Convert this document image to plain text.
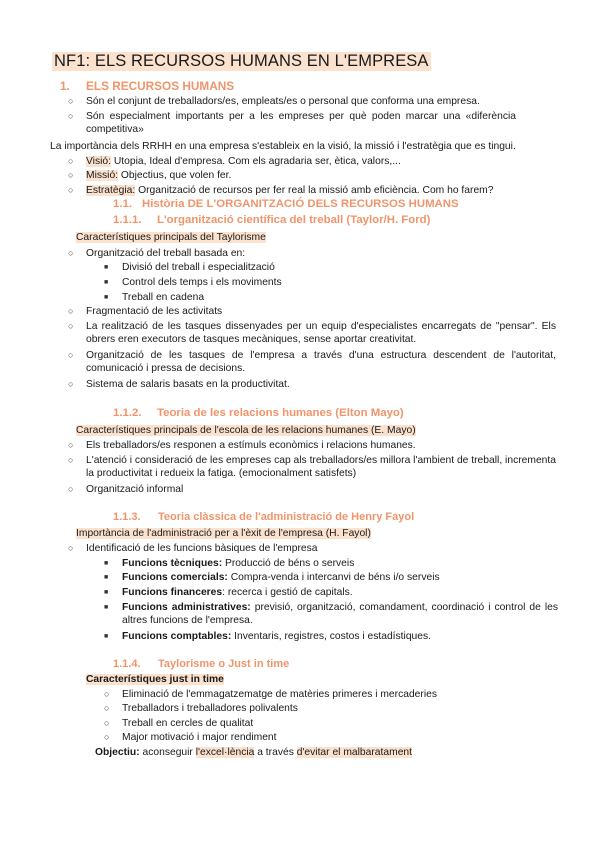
NF1: ELS RECURSOS HUMANS EN L'EMPRESA
1. ELS RECURSOS HUMANS
○ Són el conjunt de treballadors/es, empleats/es o personal que conforma una empresa.
○ Són especialment importants per a les empreses per què poden marcar una «diferència competitiva»
La importància dels RRHH en una empresa s'estableix en la visió, la missió i l'estratègia que es tingui.
○ Visió: Utopia, Ideal d'empresa. Com els agradaria ser, ètica, valors,...
○ Missió: Objectius, que volen fer.
○ Estratègia: Organització de recursos per fer real la missió amb eficiència. Com ho farem?
1.1. Història DE L'ORGANITZACIÓ DELS RECURSOS HUMANS
1.1.1. L'organització científica del treball (Taylor/H. Ford)
Característiques principals del Taylorisme
○ Organització del treball basada en:
■ Divisió del treball i especialització
■ Control dels temps i els moviments
■ Treball en cadena
○ Fragmentació de les activitats
○ La realització de les tasques dissenyades per un equip d'especialistes encarregats de "pensar". Els obrers eren executors de tasques mecàniques, sense aportar creativitat.
○ Organització de les tasques de l'empresa a través d'una estructura descendent de l'autoritat, comunicació i pressa de decisions.
○ Sistema de salaris basats en la productivitat.
1.1.2. Teoria de les relacions humanes (Elton Mayo)
Característiques principals de l'escola de les relacions humanes (E. Mayo)
○ Els treballadors/es responen a estímuls econòmics i relacions humanes.
○ L'atenció i consideració de les empreses cap als treballadors/es millora l'ambient de treball, incrementa la productivitat i redueix la fatiga. (emocionalment satisfets)
○ Organització informal
1.1.3. Teoria clàssica de l'administració de Henry Fayol
Importància de l'administració per a l'èxit de l'empresa (H. Fayol)
○ Identificació de les funcions bàsiques de l'empresa
■ Funcions tècniques: Producció de béns o serveis
■ Funcions comercials: Compra-venda i intercanvi de béns i/o serveis
■ Funcions financeres: recerca i gestió de capitals.
■ Funcions administratives: previsió, organització, comandament, coordinació i control de les altres funcions de l'empresa.
■ Funcions comptables: Inventaris, registres, costos i estadístiques.
1.1.4. Taylorisme o Just in time
Característiques just in time
○ Eliminació de l'emmagatzematge de matèries primeres i mercaderies
○ Treballadors i treballadores polivalents
○ Treball en cercles de qualitat
○ Major motivació i major rendiment
Objectiu: aconseguir l'excel·lència a través d'evitar el malbaratament
